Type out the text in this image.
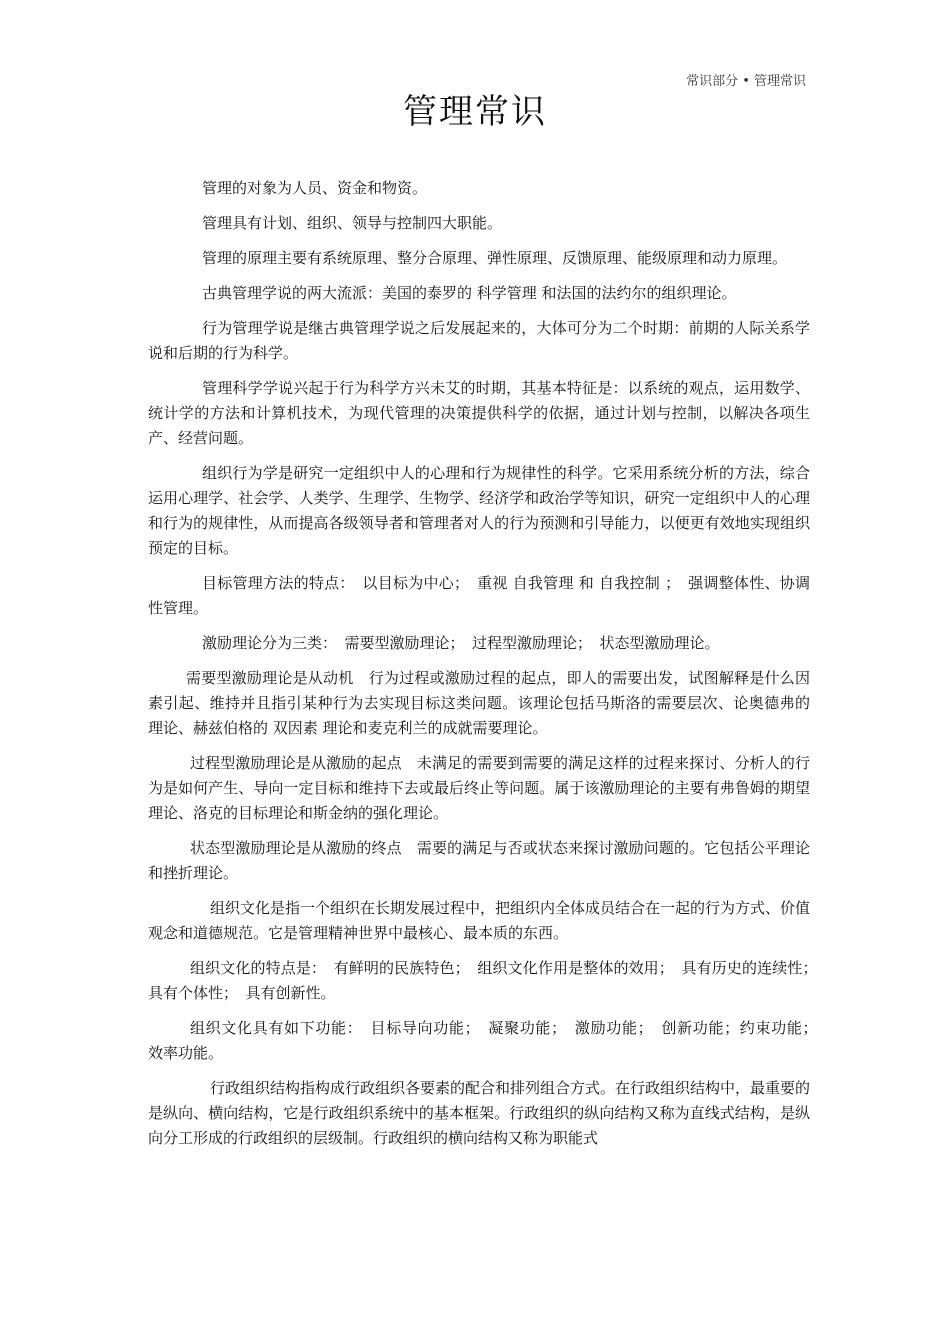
常识部分 • 管理常识
管理常识

管理的对象为人员、资金和物资。

管理具有计划、组织、领导与控制四大职能。

管理的原理主要有系统原理、整分合原理、弹性原理、反馈原理、能级原理和动力原理。

古典管理学说的两大流派：美国的泰罗的 科学管理 和法国的法约尔的组织理论。

行为管理学说是继古典管理学说之后发展起来的，大体可分为二个时期：前期的人际关系学说和后期的行为科学。

管理科学学说兴起于行为科学方兴未艾的时期，其基本特征是：以系统的观点，运用数学、统计学的方法和计算机技术，为现代管理的决策提供科学的依据，通过计划与控制，以解决各项生产、经营问题。

组织行为学是研究一定组织中人的心理和行为规律性的科学。它采用系统分析的方法，综合运用心理学、社会学、人类学、生理学、生物学、经济学和政治学等知识，研究一定组织中人的心理和行为的规律性，从而提高各级领导者和管理者对人的行为预测和引导能力，以便更有效地实现组织预定的目标。

目标管理方法的特点：　以目标为中心；　重视 自我管理 和 自我控制 ；　强调整体性、协调性管理。

激励理论分为三类：　需要型激励理论；　过程型激励理论；　状态型激励理论。

需要型激励理论是从动机　行为过程或激励过程的起点，即人的需要出发，试图解释是什么因素引起、维持并且指引某种行为去实现目标这类问题。该理论包括马斯洛的需要层次、论奥德弗的　理论、赫兹伯格的 双因素 理论和麦克利兰的成就需要理论。

过程型激励理论是从激励的起点　未满足的需要到需要的满足这样的过程来探讨、分析人的行为是如何产生、导向一定目标和维持下去或最后终止等问题。属于该激励理论的主要有弗鲁姆的期望理论、洛克的目标理论和斯金纳的强化理论。

状态型激励理论是从激励的终点　需要的满足与否或状态来探讨激励问题的。它包括公平理论和挫折理论。

组织文化是指一个组织在长期发展过程中，把组织内全体成员结合在一起的行为方式、价值观念和道德规范。它是管理精神世界中最核心、最本质的东西。

组织文化的特点是：　有鲜明的民族特色；　组织文化作用是整体的效用；　具有历史的连续性；　具有个体性；　具有创新性。

组织文化具有如下功能：　目标导向功能；　凝聚功能；　激励功能；　创新功能；约束功能；　效率功能。

行政组织结构指构成行政组织各要素的配合和排列组合方式。在行政组织结构中，最重要的是纵向、横向结构，它是行政组织系统中的基本框架。行政组织的纵向结构又称为直线式结构，是纵向分工形成的行政组织的层级制。行政组织的横向结构又称为职能式
